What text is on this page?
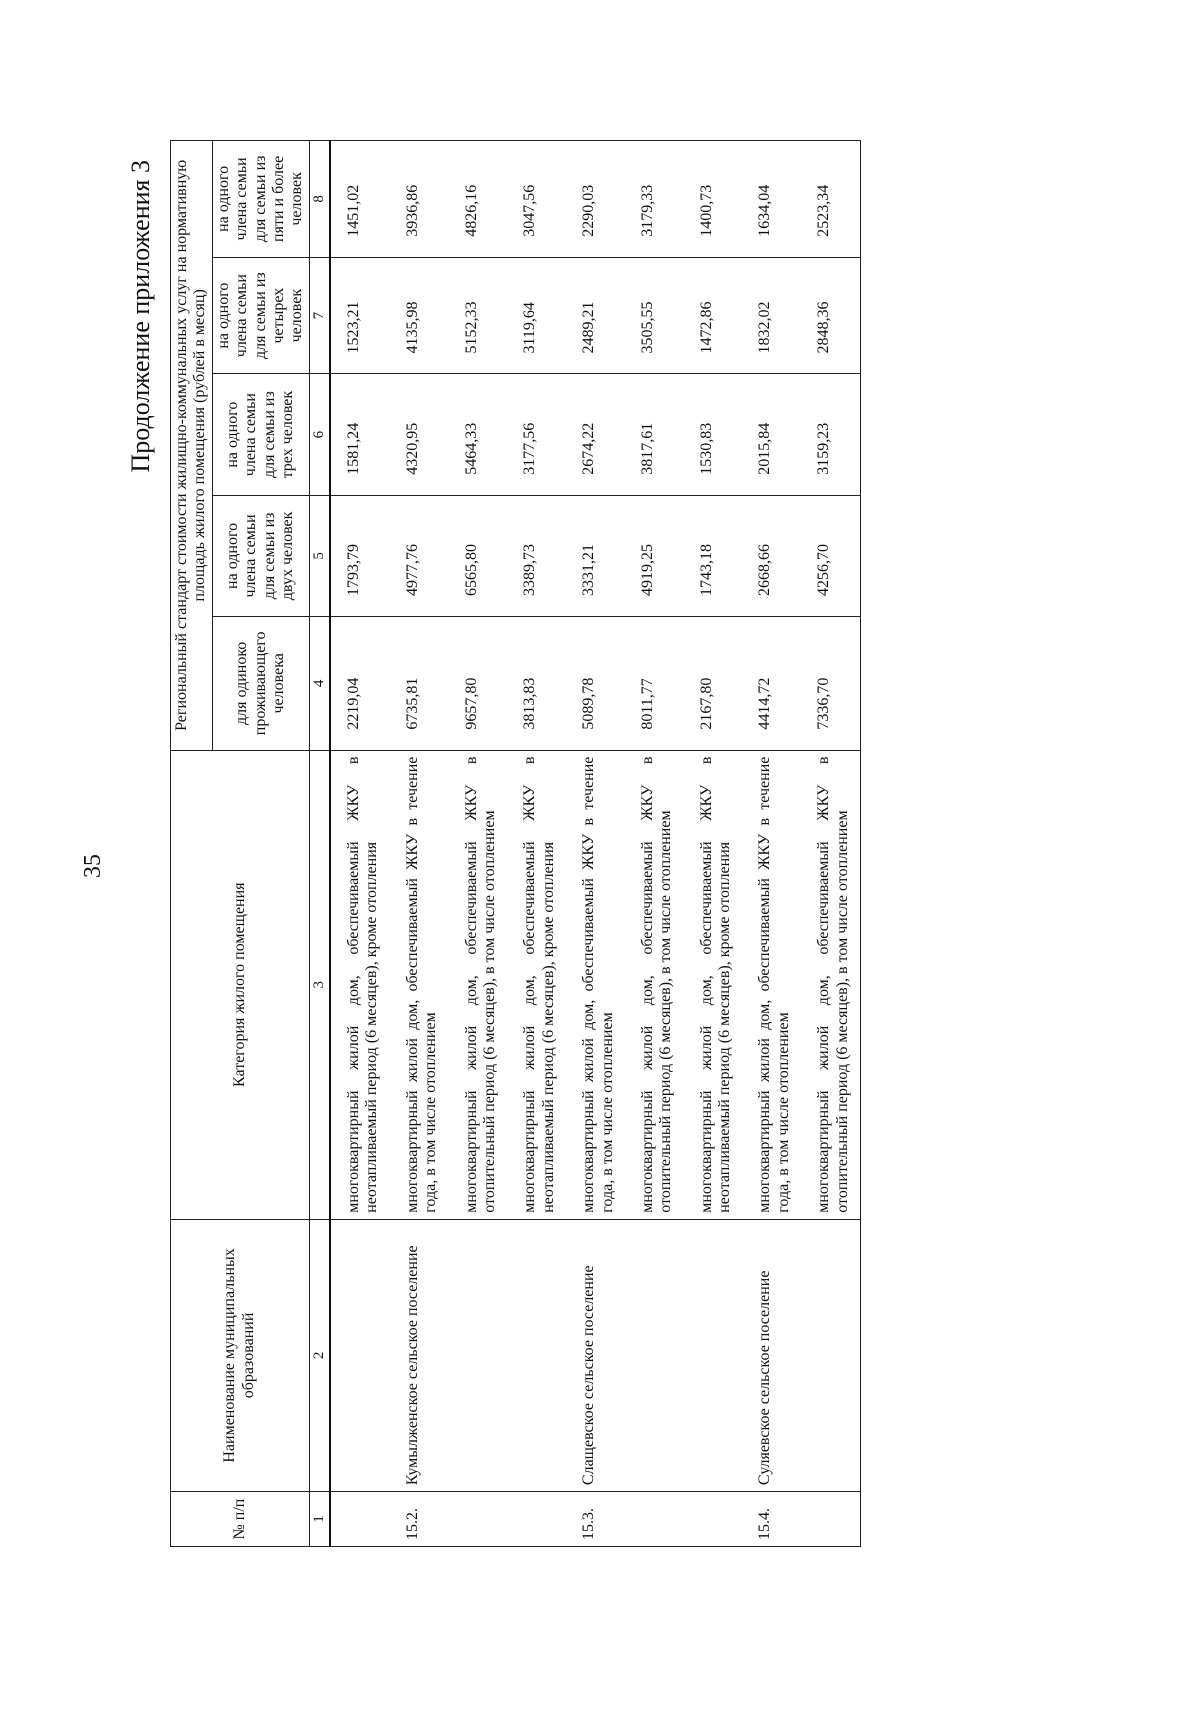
35
Продолжение приложения 3
№ п/п	Наименование муниципальных образований	Категория жилого помещения	Региональный стандарт стоимости жилищно-коммунальных услуг на нормативную площадь жилого помещения (рублей в месяц)				
			для одиноко проживающего человека	на одного члена семьи для семьи из двух человек	на одного члена семьи для семьи из трех человек	на одного члена семьи для семьи из четырех человек	на одного члена семьи для семьи из пяти и более человек
1	2	3	4	5	6	7	8
		многоквартирный жилой дом, обеспечиваемый ЖКУ в неотапливаемый период (6 месяцев), кроме отопления	2219,04	1793,79	1581,24	1523,21	1451,02
15.2.	Кумылженское сельское поселение	многоквартирный жилой дом, обеспечиваемый ЖКУ в течение года, в том числе отоплением	6735,81	4977,76	4320,95	4135,98	3936,86
		многоквартирный жилой дом, обеспечиваемый ЖКУ в отопительный период (6 месяцев), в том числе отоплением	9657,80	6565,80	5464,33	5152,33	4826,16
		многоквартирный жилой дом, обеспечиваемый ЖКУ в неотапливаемый период (6 месяцев), кроме отопления	3813,83	3389,73	3177,56	3119,64	3047,56
15.3.	Слащевское сельское поселение	многоквартирный жилой дом, обеспечиваемый ЖКУ в течение года, в том числе отоплением	5089,78	3331,21	2674,22	2489,21	2290,03
		многоквартирный жилой дом, обеспечиваемый ЖКУ в отопительный период (6 месяцев), в том числе отоплением	8011,77	4919,25	3817,61	3505,55	3179,33
		многоквартирный жилой дом, обеспечиваемый ЖКУ в неотапливаемый период (6 месяцев), кроме отопления	2167,80	1743,18	1530,83	1472,86	1400,73
15.4.	Суляевское сельское поселение	многоквартирный жилой дом, обеспечиваемый ЖКУ в течение года, в том числе отоплением	4414,72	2668,66	2015,84	1832,02	1634,04
		многоквартирный жилой дом, обеспечиваемый ЖКУ в отопительный период (6 месяцев), в том числе отоплением	7336,70	4256,70	3159,23	2848,36	2523,34
